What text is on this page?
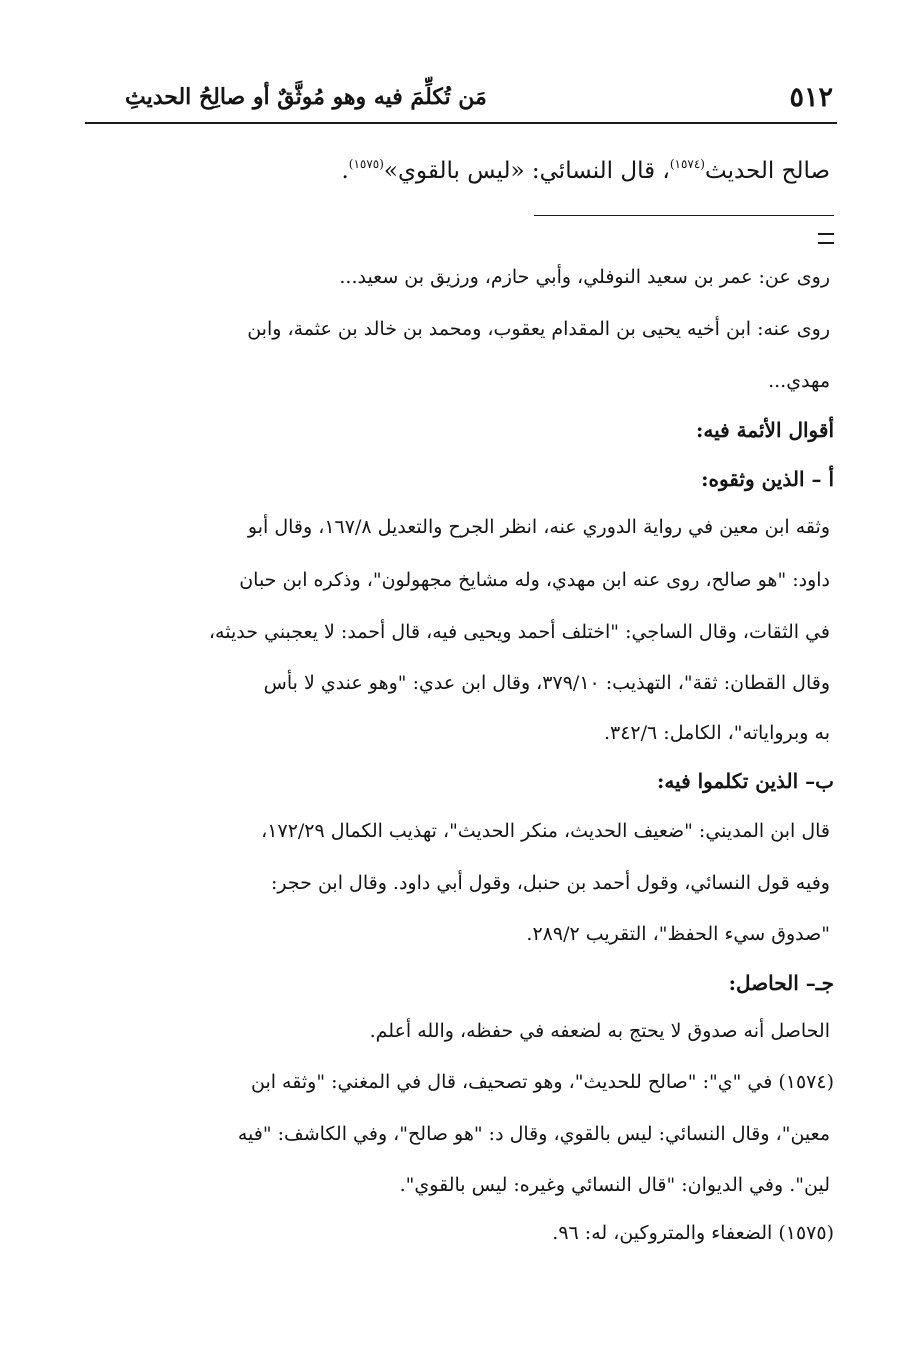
٥١٢
مَن تُكلِّمَ فيه وهو مُوثَّقٌ أو صالِحُ الحديثِ
صالح الحديث$^{(١٥٧٤)}$، قال النسائي: «ليس بالقوي»$^{(١٥٧٥)}$.
روى عن: عمر بن سعيد النوفلي، وأبي حازم، ورزيق بن سعيد...
روى عنه: ابن أخيه يحيى بن المقدام يعقوب، ومحمد بن خالد بن عثمة، وابن
مهدي...
أقوال الأئمة فيه:
أ – الذين وثقوه:
وثقه ابن معين في رواية الدوري عنه، انظر الجرح والتعديل ١٦٧/٨، وقال أبو
داود: "هو صالح، روى عنه ابن مهدي، وله مشايخ مجهولون"، وذكره ابن حبان
في الثقات، وقال الساجي: "اختلف أحمد ويحيى فيه، قال أحمد: لا يعجبني حديثه،
وقال القطان: ثقة"، التهذيب: ٣٧٩/١٠، وقال ابن عدي: "وهو عندي لا بأس
به وبرواياته"، الكامل: ٣٤٢/٦.
ب– الذين تكلموا فيه:
قال ابن المديني: "ضعيف الحديث، منكر الحديث"، تهذيب الكمال ١٧٢/٢٩،
وفيه قول النسائي، وقول أحمد بن حنبل، وقول أبي داود. وقال ابن حجر:
"صدوق سيء الحفظ"، التقريب ٢٨٩/٢.
جـ– الحاصل:
الحاصل أنه صدوق لا يحتج به لضعفه في حفظه، والله أعلم.
(١٥٧٤) في "ي": "صالح للحديث"، وهو تصحيف، قال في المغني: "وثقه ابن
معين"، وقال النسائي: ليس بالقوي، وقال د: "هو صالح"، وفي الكاشف: "فيه
لين". وفي الديوان: "قال النسائي وغيره: ليس بالقوي".
(١٥٧٥) الضعفاء والمتروكين، له: ٩٦.
